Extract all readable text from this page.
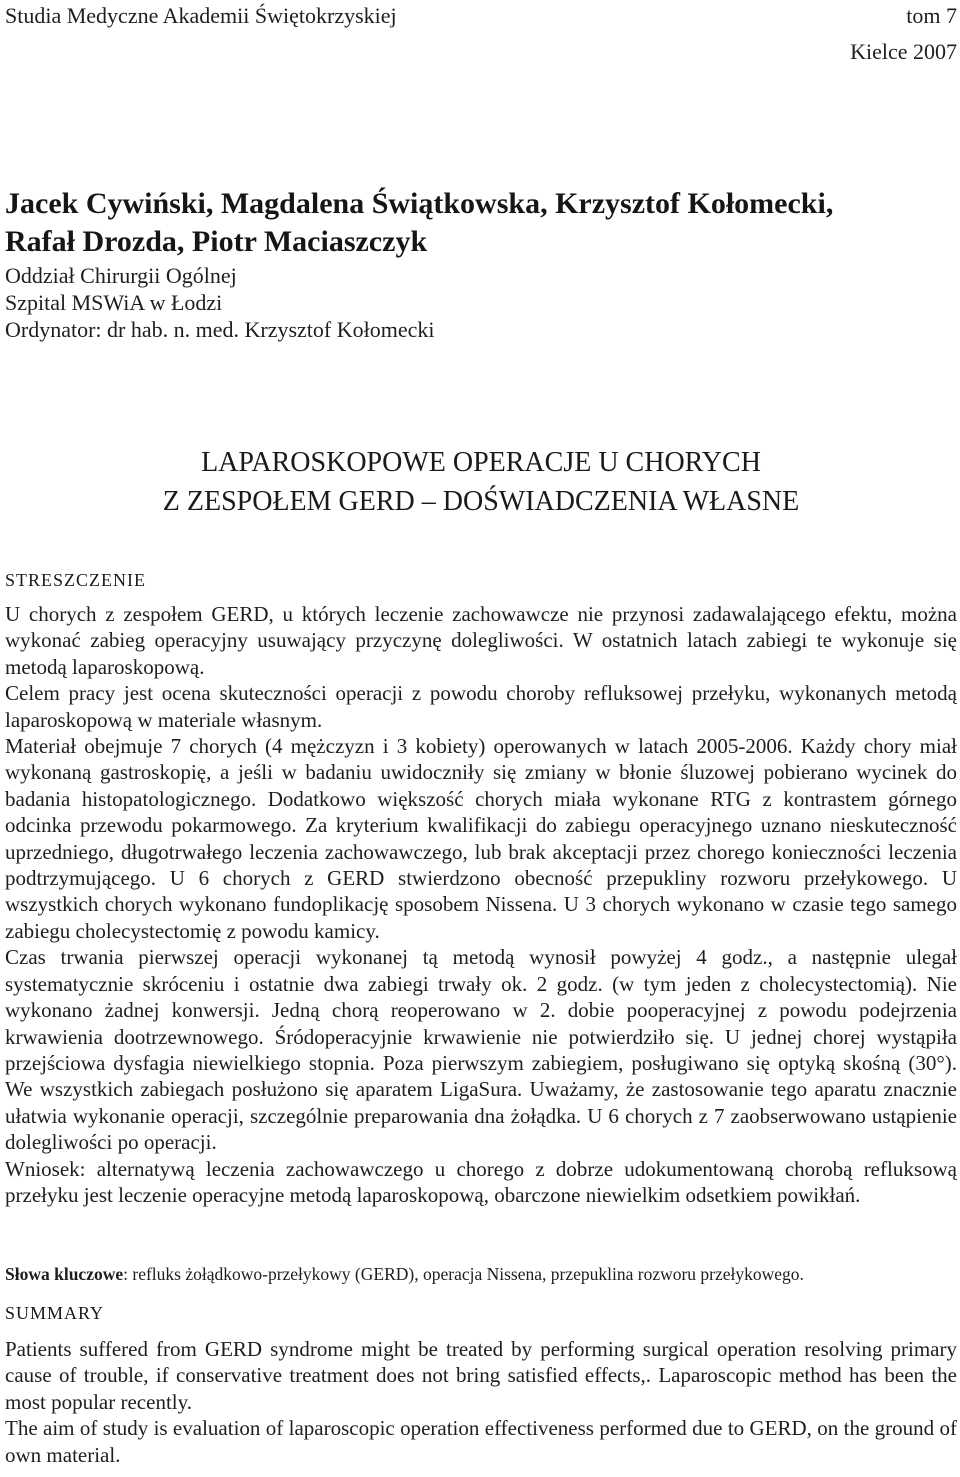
Studia Medyczne Akademii Świętokrzyskiej	tom 7
Kielce 2007
Jacek Cywiński, Magdalena Świątkowska, Krzysztof Kołomecki,
Rafał Drozda, Piotr Maciaszczyk
Oddział Chirurgii Ogólnej
Szpital MSWiA w Łodzi
Ordynator: dr hab. n. med. Krzysztof Kołomecki
LAPAROSKOPOWE OPERACJE U CHORYCH
Z ZESPOŁEM GERD – DOŚWIADCZENIA WŁASNE
STRESZCZENIE

U chorych z zespołem GERD, u których leczenie zachowawcze nie przynosi zadawalającego efektu, można wykonać zabieg operacyjny usuwający przyczynę dolegliwości. W ostatnich latach zabiegi te wykonuje się metodą laparoskopową.

Celem pracy jest ocena skuteczności operacji z powodu choroby refluksowej przełyku, wykonanych metodą laparoskopową w materiale własnym.

Materiał obejmuje 7 chorych (4 mężczyzn i 3 kobiety) operowanych w latach 2005-2006. Każdy chory miał wykonaną gastroskopię, a jeśli w badaniu uwidoczniły się zmiany w błonie śluzowej pobierano wycinek do badania histopatologicznego. Dodatkowo większość chorych miała wykonane RTG z kontrastem górnego odcinka przewodu pokarmowego. Za kryterium kwalifikacji do zabiegu operacyjnego uznano nieskuteczność uprzedniego, długotrwałego leczenia zachowawczego, lub brak akceptacji przez chorego konieczności leczenia podtrzymującego. U 6 chorych z GERD stwierdzono obecność przepukliny rozworu przełykowego. U wszystkich chorych wykonano fundoplikację sposobem Nissena. U 3 chorych wykonano w czasie tego samego zabiegu cholecystectomię z powodu kamicy.

Czas trwania pierwszej operacji wykonanej tą metodą wynosił powyżej 4 godz., a następnie ulegał systematycznie skróceniu i ostatnie dwa zabiegi trwały ok. 2 godz. (w tym jeden z cholecystectomią). Nie wykonano żadnej konwersji. Jedną chorą reoperowano w 2. dobie pooperacyjnej z powodu podejrzenia krwawienia dootrzewnowego. Śródoperacyjnie krwawienie nie potwierdziło się. U jednej chorej wystąpiła przejściowa dysfagia niewielkiego stopnia. Poza pierwszym zabiegiem, posługiwano się optyką skośną (30°). We wszystkich zabiegach posłużono się aparatem LigaSura. Uważamy, że zastosowanie tego aparatu znacznie ułatwia wykonanie operacji, szczególnie preparowania dna żołądka. U 6 chorych z 7 zaobserwowano ustąpienie dolegliwości po operacji.

Wniosek: alternatywą leczenia zachowawczego u chorego z dobrze udokumentowaną chorobą refluksową przełyku jest leczenie operacyjne metodą laparoskopową, obarczone niewielkim odsetkiem powikłań.

Słowa kluczowe: refluks żołądkowo-przełykowy (GERD), operacja Nissena, przepuklina rozworu przełykowego.
SUMMARY

Patients suffered from GERD syndrome might be treated by performing surgical operation resolving primary cause of trouble, if conservative treatment does not bring satisfied effects,. Laparoscopic method has been the most popular recently.

The aim of study is evaluation of laparoscopic operation effectiveness performed due to GERD, on the ground of own material.
